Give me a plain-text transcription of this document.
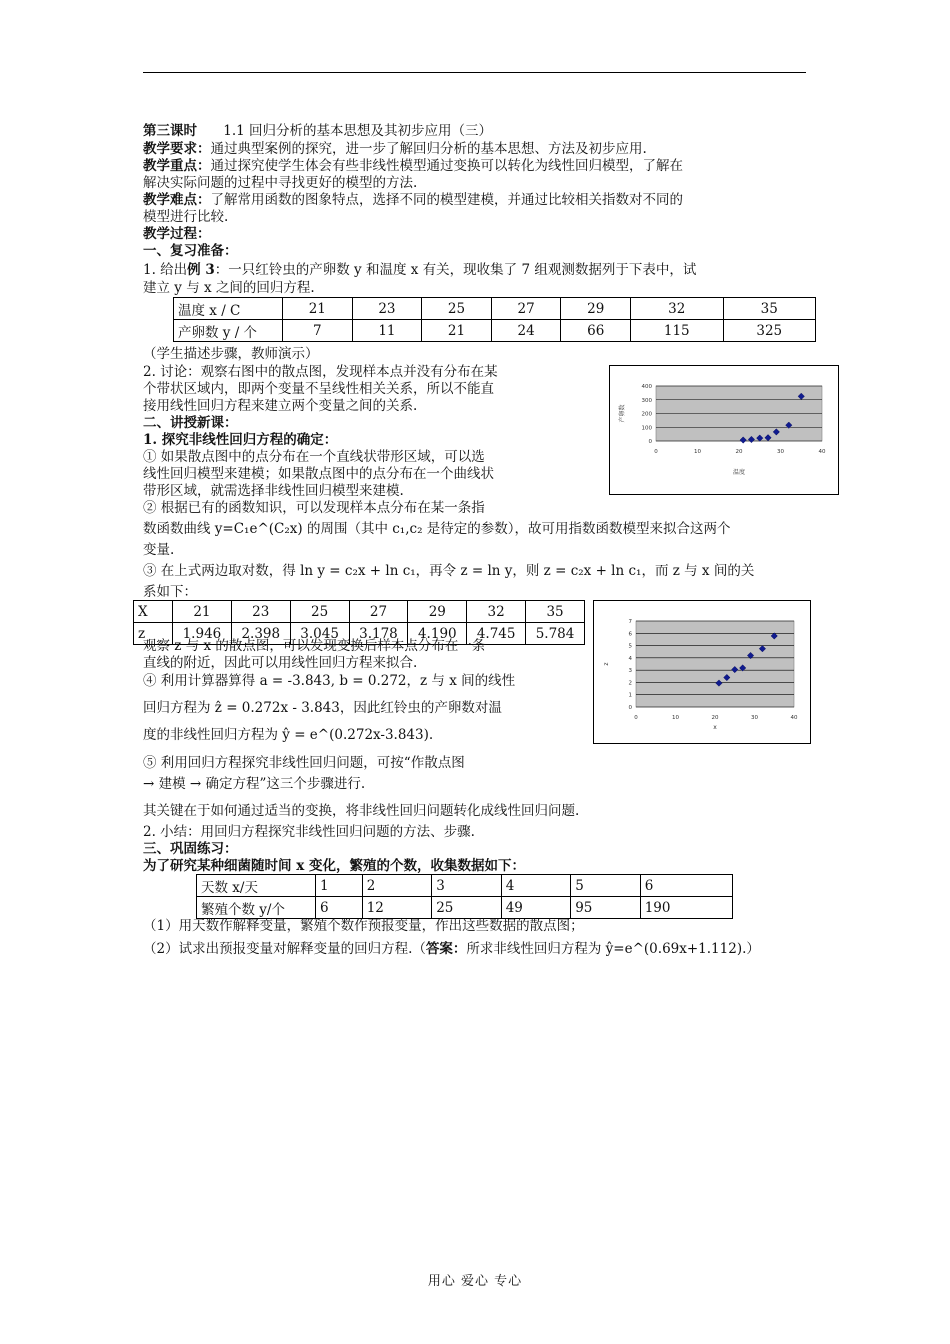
第三课时 1.1 回归分析的基本思想及其初步应用（三）
教学要求：通过典型案例的探究，进一步了解回归分析的基本思想、方法及初步应用.
教学重点：通过探究使学生体会有些非线性模型通过变换可以转化为线性回归模型，了解在
解决实际问题的过程中寻找更好的模型的方法.
教学难点：了解常用函数的图象特点，选择不同的模型建模，并通过比较相关指数对不同的
模型进行比较.
教学过程：
一、复习准备：
1. 给出例 3：一只红铃虫的产卵数 y 和温度 x 有关，现收集了 7 组观测数据列于下表中，试
建立 y 与 x 之间的回归方程.
温度 x / C	21	23	25	27	29	32	35
产卵数 y / 个	7	11	21	24	66	115	325
（学生描述步骤，教师演示）
2. 讨论：观察右图中的散点图，发现样本点并没有分布在某
个带状区域内，即两个变量不呈线性相关关系，所以不能直
接用线性回归方程来建立两个变量之间的关系.
0
100
200
300
400
0	10	20	30	40
温度
产卵数
二、讲授新课：
1. 探究非线性回归方程的确定：
① 如果散点图中的点分布在一个直线状带形区域，可以选
线性回归模型来建模；如果散点图中的点分布在一个曲线状
带形区域，就需选择非线性回归模型来建模.
② 根据已有的函数知识，可以发现样本点分布在某一条指
数函数曲线 y=C₁e^(C₂x) 的周围（其中 c₁,c₂ 是待定的参数），故可用指数函数模型来拟合这两个
变量.
③ 在上式两边取对数，得 ln y = c₂x + ln c₁，再令 z = ln y，则 z = c₂x + ln c₁，而 z 与 x 间的关
系如下：
X	21	23	25	27	29	32	35
z	1.946	2.398	3.045	3.178	4.190	4.745	5.784
0
1
2
3
4
5
6
7
0	10	20	30	40
x
z
观察 z 与 x 的散点图，可以发现变换后样本点分布在一条
直线的附近，因此可以用线性回归方程来拟合.
④ 利用计算器算得 a = -3.843, b = 0.272，z 与 x 间的线性
回归方程为 ẑ = 0.272x - 3.843，因此红铃虫的产卵数对温
度的非线性回归方程为 ŷ = e^(0.272x-3.843).
⑤ 利用回归方程探究非线性回归问题，可按“作散点图
→ 建模 → 确定方程”这三个步骤进行.
其关键在于如何通过适当的变换，将非线性回归问题转化成线性回归问题.
2. 小结：用回归方程探究非线性回归问题的方法、步骤.
三、巩固练习：
为了研究某种细菌随时间 x 变化，繁殖的个数，收集数据如下：
天数 x/天	1	2	3	4	5	6
繁殖个数 y/个	6	12	25	49	95	190
（1）用天数作解释变量，繁殖个数作预报变量，作出这些数据的散点图；
（2）试求出预报变量对解释变量的回归方程.（答案：所求非线性回归方程为 ŷ=e^(0.69x+1.112).）
用心 爱心 专心
